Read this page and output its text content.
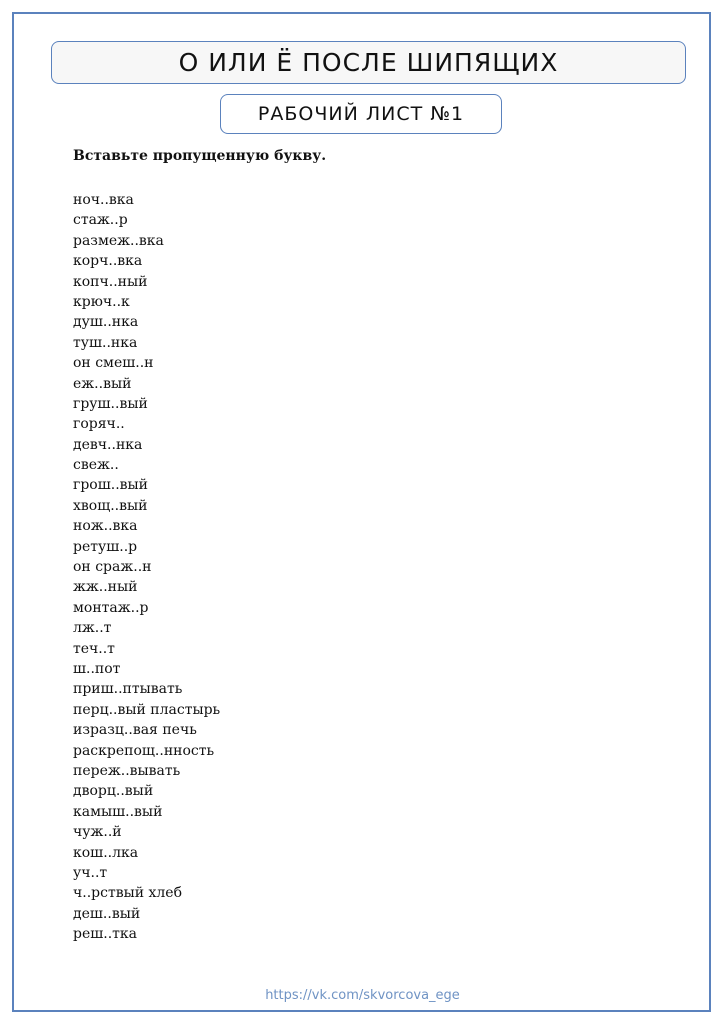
О ИЛИ Ё ПОСЛЕ ШИПЯЩИХ
РАБОЧИЙ ЛИСТ №1
Вставьте пропущенную букву.
ноч..вка
стаж..р
размеж..вка
корч..вка
копч..ный
крюч..к
душ..нка
туш..нка
он смеш..н
еж..вый
груш..вый
горяч..
девч..нка
свеж..
грош..вый
хвощ..вый
нож..вка
ретуш..р
он сраж..н
жж..ный
монтаж..р
лж..т
теч..т
ш..пот
приш..птывать
перц..вый пластырь
изразц..вая печь
раскрепощ..нность
переж..вывать
дворц..вый
камыш..вый
чуж..й
кош..лка
уч..т
ч..рствый хлеб
деш..вый
реш..тка
https://vk.com/skvorcova_ege
